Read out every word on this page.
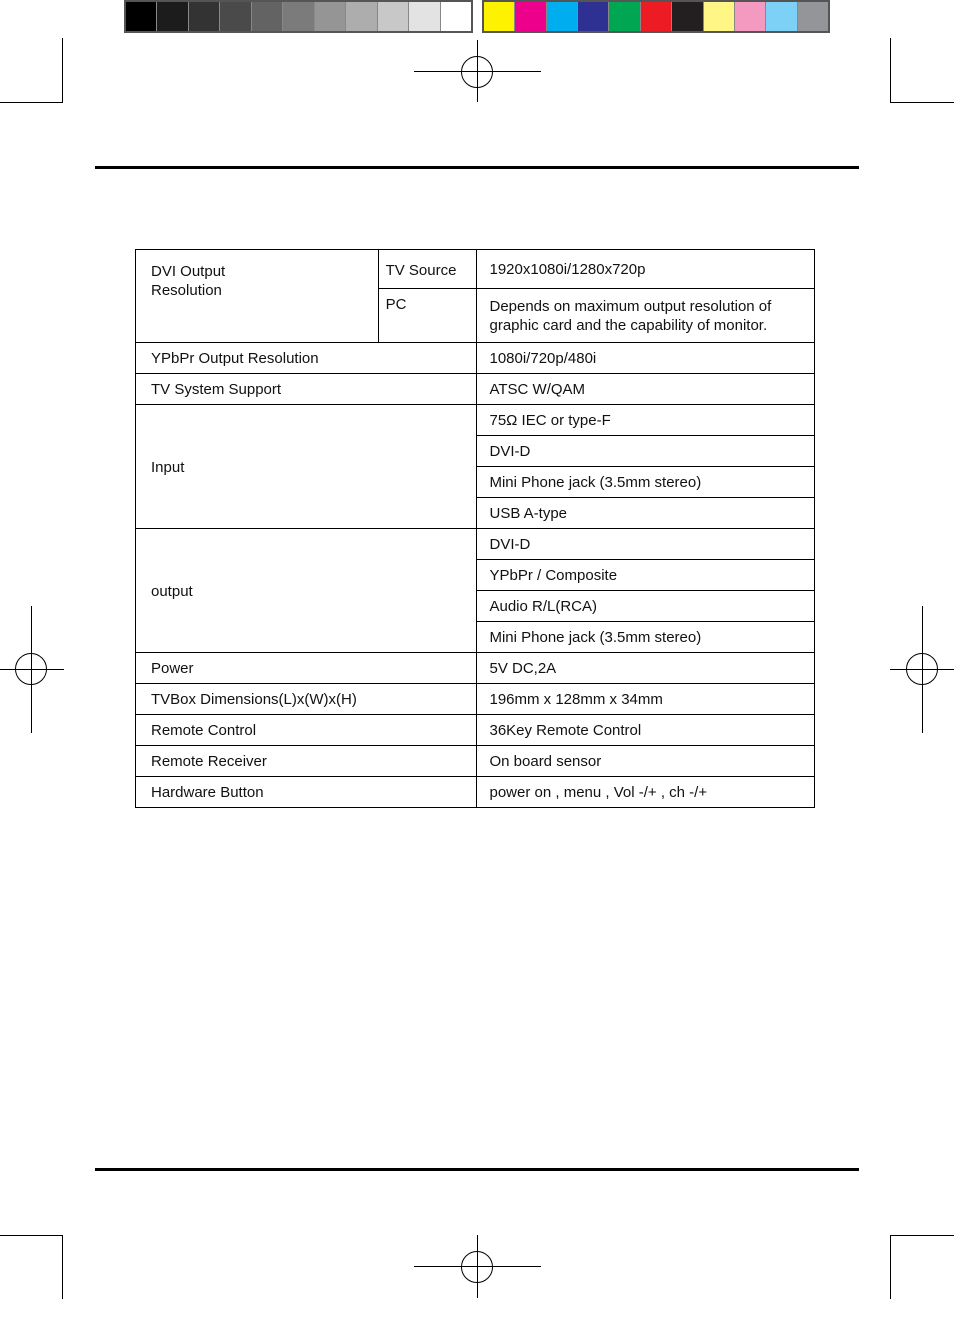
DVI Output
Resolution	TV Source	1920x1080i/1280x720p
	PC	Depends on maximum output resolution of graphic card and the capability of monitor.
YPbPr Output Resolution		1080i/720p/480i
TV System Support		ATSC W/QAM
Input		75Ω IEC or type-F
		DVI-D
		Mini Phone jack (3.5mm stereo)
		USB A-type
output		DVI-D
		YPbPr / Composite
		Audio R/L(RCA)
		Mini Phone jack (3.5mm stereo)
Power		5V DC,2A
TVBox Dimensions(L)x(W)x(H)		196mm x 128mm x 34mm
Remote Control		36Key Remote Control
Remote Receiver		On board sensor
Hardware Button		power on , menu , Vol -/+ , ch -/+
